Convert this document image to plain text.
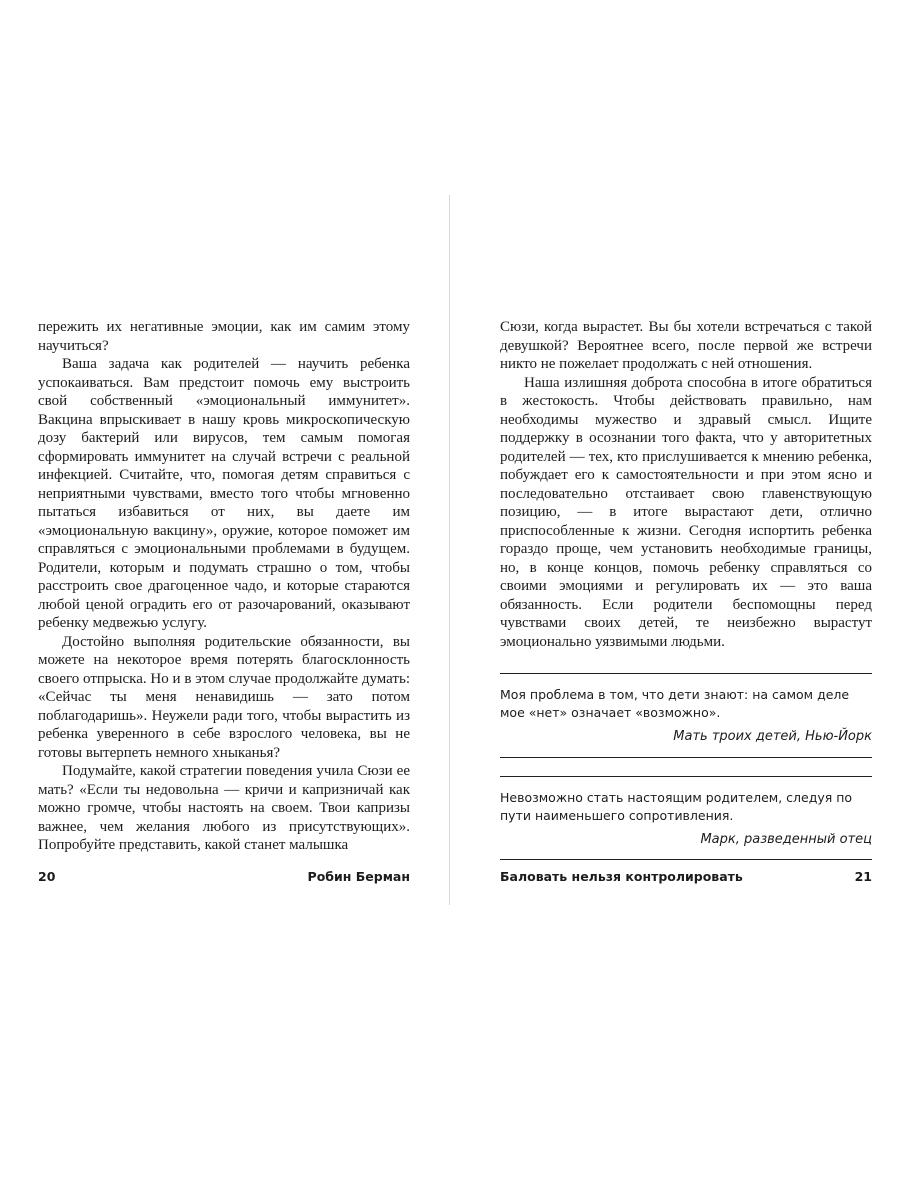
пережить их негативные эмоции, как им самим этому научиться?

Ваша задача как родителей — научить ребенка успокаиваться. Вам предстоит помочь ему выстроить свой собственный «эмоциональный иммунитет». Вакцина впрыскивает в нашу кровь микроскопическую дозу бактерий или вирусов, тем самым помогая сформировать иммунитет на случай встречи с реальной инфекцией. Считайте, что, помогая детям справиться с неприятными чувствами, вместо того чтобы мгновенно пытаться избавиться от них, вы даете им «эмоциональную вакцину», оружие, которое поможет им справляться с эмоциональными проблемами в будущем. Родители, которым и подумать страшно о том, чтобы расстроить свое драгоценное чадо, и которые стараются любой ценой оградить его от разочарований, оказывают ребенку медвежью услугу.

Достойно выполняя родительские обязанности, вы можете на некоторое время потерять благосклонность своего отпрыска. Но и в этом случае продолжайте думать: «Сейчас ты меня ненавидишь — зато потом поблагодаришь». Неужели ради того, чтобы вырастить из ребенка уверенного в себе взрослого человека, вы не готовы вытерпеть немного хныканья?

Подумайте, какой стратегии поведения учила Сюзи ее мать? «Если ты недовольна — кричи и капризничай как можно громче, чтобы настоять на своем. Твои капризы важнее, чем желания любого из присутствующих». Попробуйте представить, какой станет малышка

Сюзи, когда вырастет. Вы бы хотели встречаться с такой девушкой? Вероятнее всего, после первой же встречи никто не пожелает продолжать с ней отношения.

Наша излишняя доброта способна в итоге обратиться в жестокость. Чтобы действовать правильно, нам необходимы мужество и здравый смысл. Ищите поддержку в осознании того факта, что у авторитетных родителей — тех, кто прислушивается к мнению ребенка, побуждает его к самостоятельности и при этом ясно и последовательно отстаивает свою главенствующую позицию, — в итоге вырастают дети, отлично приспособленные к жизни. Сегодня испортить ребенка гораздо проще, чем установить необходимые границы, но, в конце концов, помочь ребенку справляться со своими эмоциями и регулировать их — это ваша обязанность. Если родители беспомощны перед чувствами своих детей, те неизбежно вырастут эмоционально уязвимыми людьми.

Моя проблема в том, что дети знают: на самом деле мое «нет» означает «возможно».

Мать троих детей, Нью-Йорк

Невозможно стать настоящим родителем, следуя по пути наименьшего сопротивления.

Марк, разведенный отец

20	Робин Берман	Баловать нельзя контролировать	21
